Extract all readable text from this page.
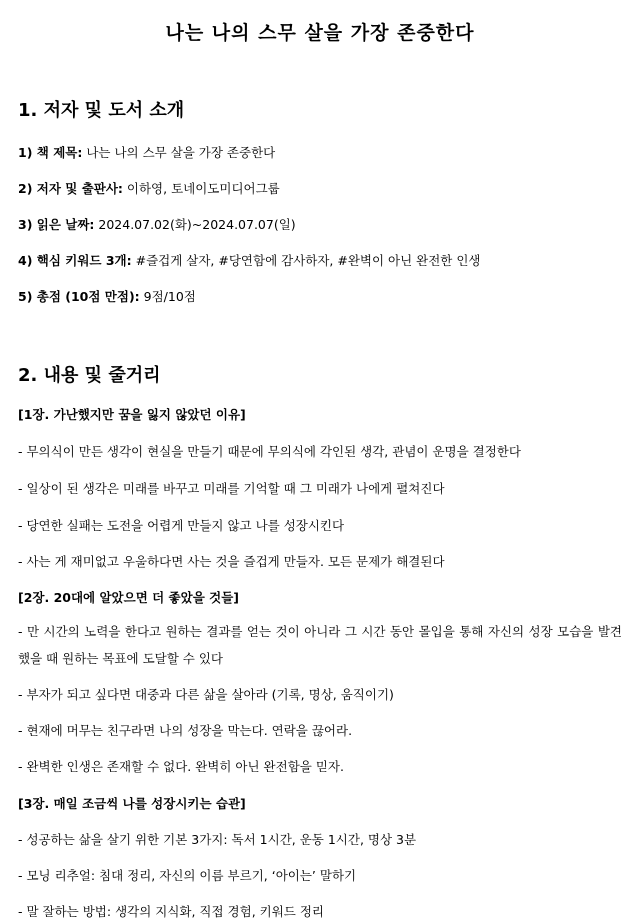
나는 나의 스무 살을 가장 존중한다
1. 저자 및 도서 소개
1) 책 제목: 나는 나의 스무 살을 가장 존중한다
2) 저자 및 출판사: 이하영, 토네이도미디어그룹
3) 읽은 날짜: 2024.07.02(화)~2024.07.07(일)
4) 핵심 키워드 3개: #즐겁게 살자, #당연함에 감사하자, #완벽이 아닌 완전한 인생
5) 총점 (10점 만점): 9점/10점
2. 내용 및 줄거리
[1장. 가난했지만 꿈을 잃지 않았던 이유]
- 무의식이 만든 생각이 현실을 만들기 때문에 무의식에 각인된 생각, 관념이 운명을 결정한다
- 일상이 된 생각은 미래를 바꾸고 미래를 기억할 때 그 미래가 나에게 펼쳐진다
- 당연한 실패는 도전을 어렵게 만들지 않고 나를 성장시킨다
- 사는 게 재미없고 우울하다면 사는 것을 즐겁게 만들자. 모든 문제가 해결된다
[2장. 20대에 알았으면 더 좋았을 것들]
- 만 시간의 노력을 한다고 원하는 결과를 얻는 것이 아니라 그 시간 동안 몰입을 통해 자신의 성장 모습을 발견했을 때 원하는 목표에 도달할 수 있다
- 부자가 되고 싶다면 대중과 다른 삶을 살아라 (기록, 명상, 움직이기)
- 현재에 머무는 친구라면 나의 성장을 막는다. 연락을 끊어라.
- 완벽한 인생은 존재할 수 없다. 완벽히 아닌 완전함을 믿자.
[3장. 매일 조금씩 나를 성장시키는 습관]
- 성공하는 삶을 살기 위한 기본 3가지: 독서 1시간, 운동 1시간, 명상 3분
- 모닝 리추얼: 침대 정리, 자신의 이름 부르기, ‘아이는’ 말하기
- 말 잘하는 방법: 생각의 지식화, 직접 경험, 키워드 정리
